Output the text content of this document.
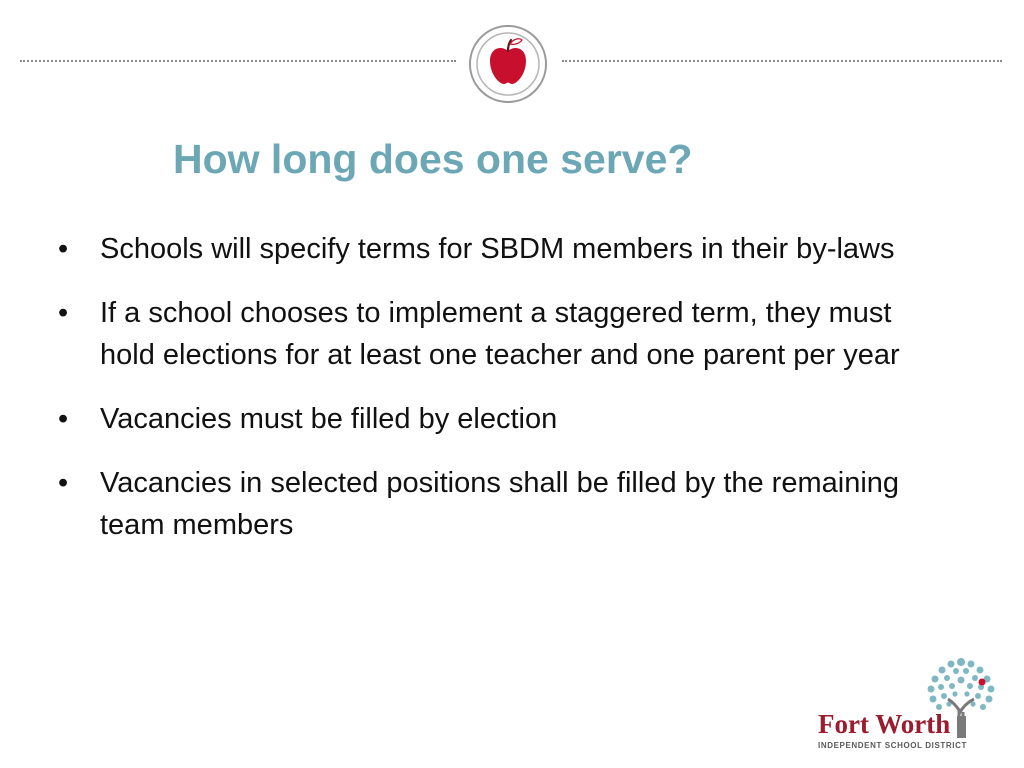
How long does one serve?
•	Schools will specify terms for SBDM members in their by-laws
•	If a school chooses to implement a staggered term, they must hold elections for at least one teacher and one parent per year
•	Vacancies must be filled by election
•	Vacancies in selected positions shall be filled by the remaining team members
Fort Worth
INDEPENDENT SCHOOL DISTRICT
